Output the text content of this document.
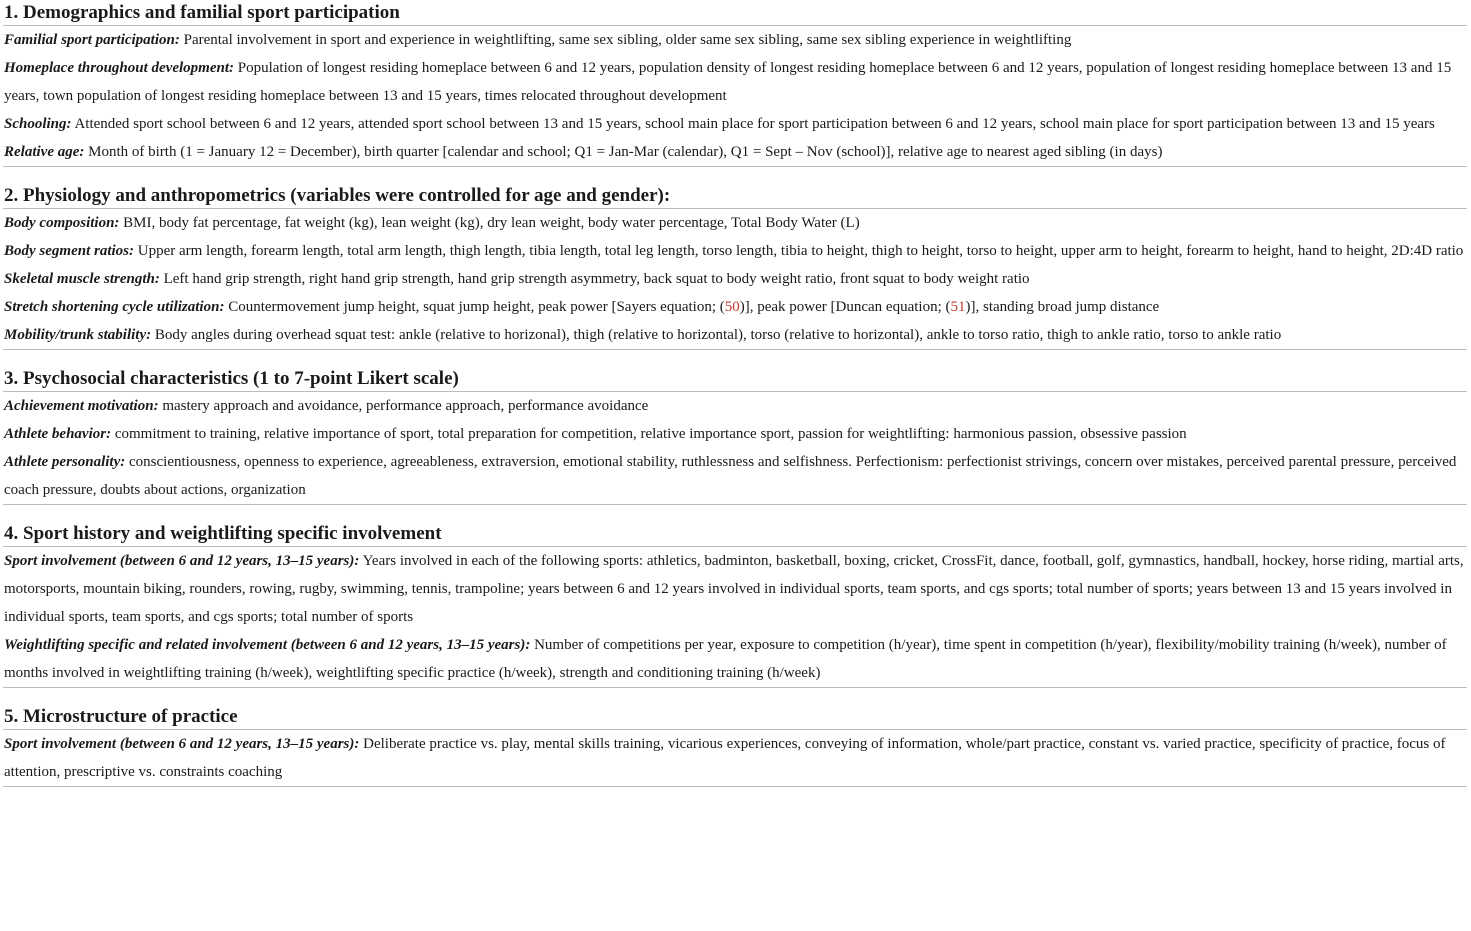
1. Demographics and familial sport participation
Familial sport participation: Parental involvement in sport and experience in weightlifting, same sex sibling, older same sex sibling, same sex sibling experience in weightlifting
Homeplace throughout development: Population of longest residing homeplace between 6 and 12 years, population density of longest residing homeplace between 6 and 12 years, population of longest residing homeplace between 13 and 15 years, town population of longest residing homeplace between 13 and 15 years, times relocated throughout development
Schooling: Attended sport school between 6 and 12 years, attended sport school between 13 and 15 years, school main place for sport participation between 6 and 12 years, school main place for sport participation between 13 and 15 years
Relative age: Month of birth (1 = January 12 = December), birth quarter [calendar and school; Q1 = Jan-Mar (calendar), Q1 = Sept – Nov (school)], relative age to nearest aged sibling (in days)
2. Physiology and anthropometrics (variables were controlled for age and gender):
Body composition: BMI, body fat percentage, fat weight (kg), lean weight (kg), dry lean weight, body water percentage, Total Body Water (L)
Body segment ratios: Upper arm length, forearm length, total arm length, thigh length, tibia length, total leg length, torso length, tibia to height, thigh to height, torso to height, upper arm to height, forearm to height, hand to height, 2D:4D ratio
Skeletal muscle strength: Left hand grip strength, right hand grip strength, hand grip strength asymmetry, back squat to body weight ratio, front squat to body weight ratio
Stretch shortening cycle utilization: Countermovement jump height, squat jump height, peak power [Sayers equation; (50)], peak power [Duncan equation; (51)], standing broad jump distance
Mobility/trunk stability: Body angles during overhead squat test: ankle (relative to horizonal), thigh (relative to horizontal), torso (relative to horizontal), ankle to torso ratio, thigh to ankle ratio, torso to ankle ratio
3. Psychosocial characteristics (1 to 7-point Likert scale)
Achievement motivation: mastery approach and avoidance, performance approach, performance avoidance
Athlete behavior: commitment to training, relative importance of sport, total preparation for competition, relative importance sport, passion for weightlifting: harmonious passion, obsessive passion
Athlete personality: conscientiousness, openness to experience, agreeableness, extraversion, emotional stability, ruthlessness and selfishness. Perfectionism: perfectionist strivings, concern over mistakes, perceived parental pressure, perceived coach pressure, doubts about actions, organization
4. Sport history and weightlifting specific involvement
Sport involvement (between 6 and 12 years, 13–15 years): Years involved in each of the following sports: athletics, badminton, basketball, boxing, cricket, CrossFit, dance, football, golf, gymnastics, handball, hockey, horse riding, martial arts, motorsports, mountain biking, rounders, rowing, rugby, swimming, tennis, trampoline; years between 6 and 12 years involved in individual sports, team sports, and cgs sports; total number of sports; years between 13 and 15 years involved in individual sports, team sports, and cgs sports; total number of sports
Weightlifting specific and related involvement (between 6 and 12 years, 13–15 years): Number of competitions per year, exposure to competition (h/year), time spent in competition (h/year), flexibility/mobility training (h/week), number of months involved in weightlifting training (h/week), weightlifting specific practice (h/week), strength and conditioning training (h/week)
5. Microstructure of practice
Sport involvement (between 6 and 12 years, 13–15 years): Deliberate practice vs. play, mental skills training, vicarious experiences, conveying of information, whole/part practice, constant vs. varied practice, specificity of practice, focus of attention, prescriptive vs. constraints coaching
